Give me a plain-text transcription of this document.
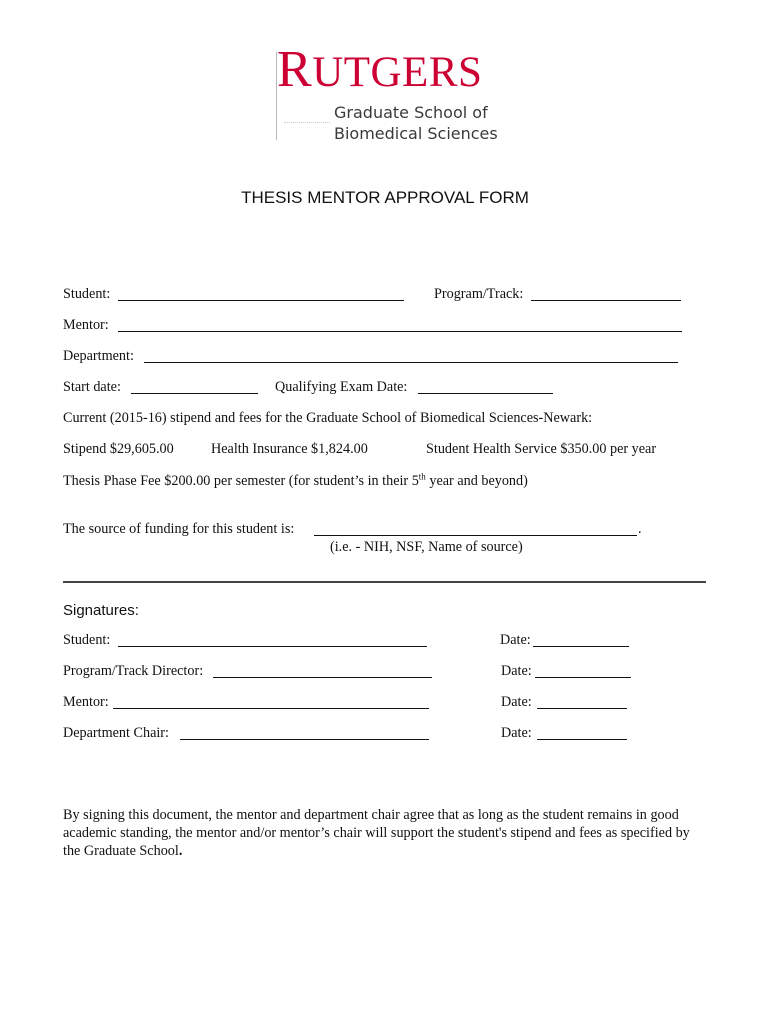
RUTGERS
Graduate School of
Biomedical Sciences
THESIS MENTOR APPROVAL FORM
Student:	Program/Track:
Mentor:
Department:
Start date:	Qualifying Exam Date:
Current (2015-16) stipend and fees for the Graduate School of Biomedical Sciences-Newark:
Stipend $29,605.00	Health Insurance $1,824.00	Student Health Service $350.00 per year
Thesis Phase Fee $200.00 per semester (for student’s in their 5th year and beyond)
The source of funding for this student is:	.
(i.e. - NIH, NSF, Name of source)
Signatures:
Student:	Date:
Program/Track Director:	Date:
Mentor:	Date:
Department Chair:	Date:
By signing this document, the mentor and department chair agree that as long as the student remains in good academic standing, the mentor and/or mentor’s chair will support the student's stipend and fees as specified by the Graduate School.
